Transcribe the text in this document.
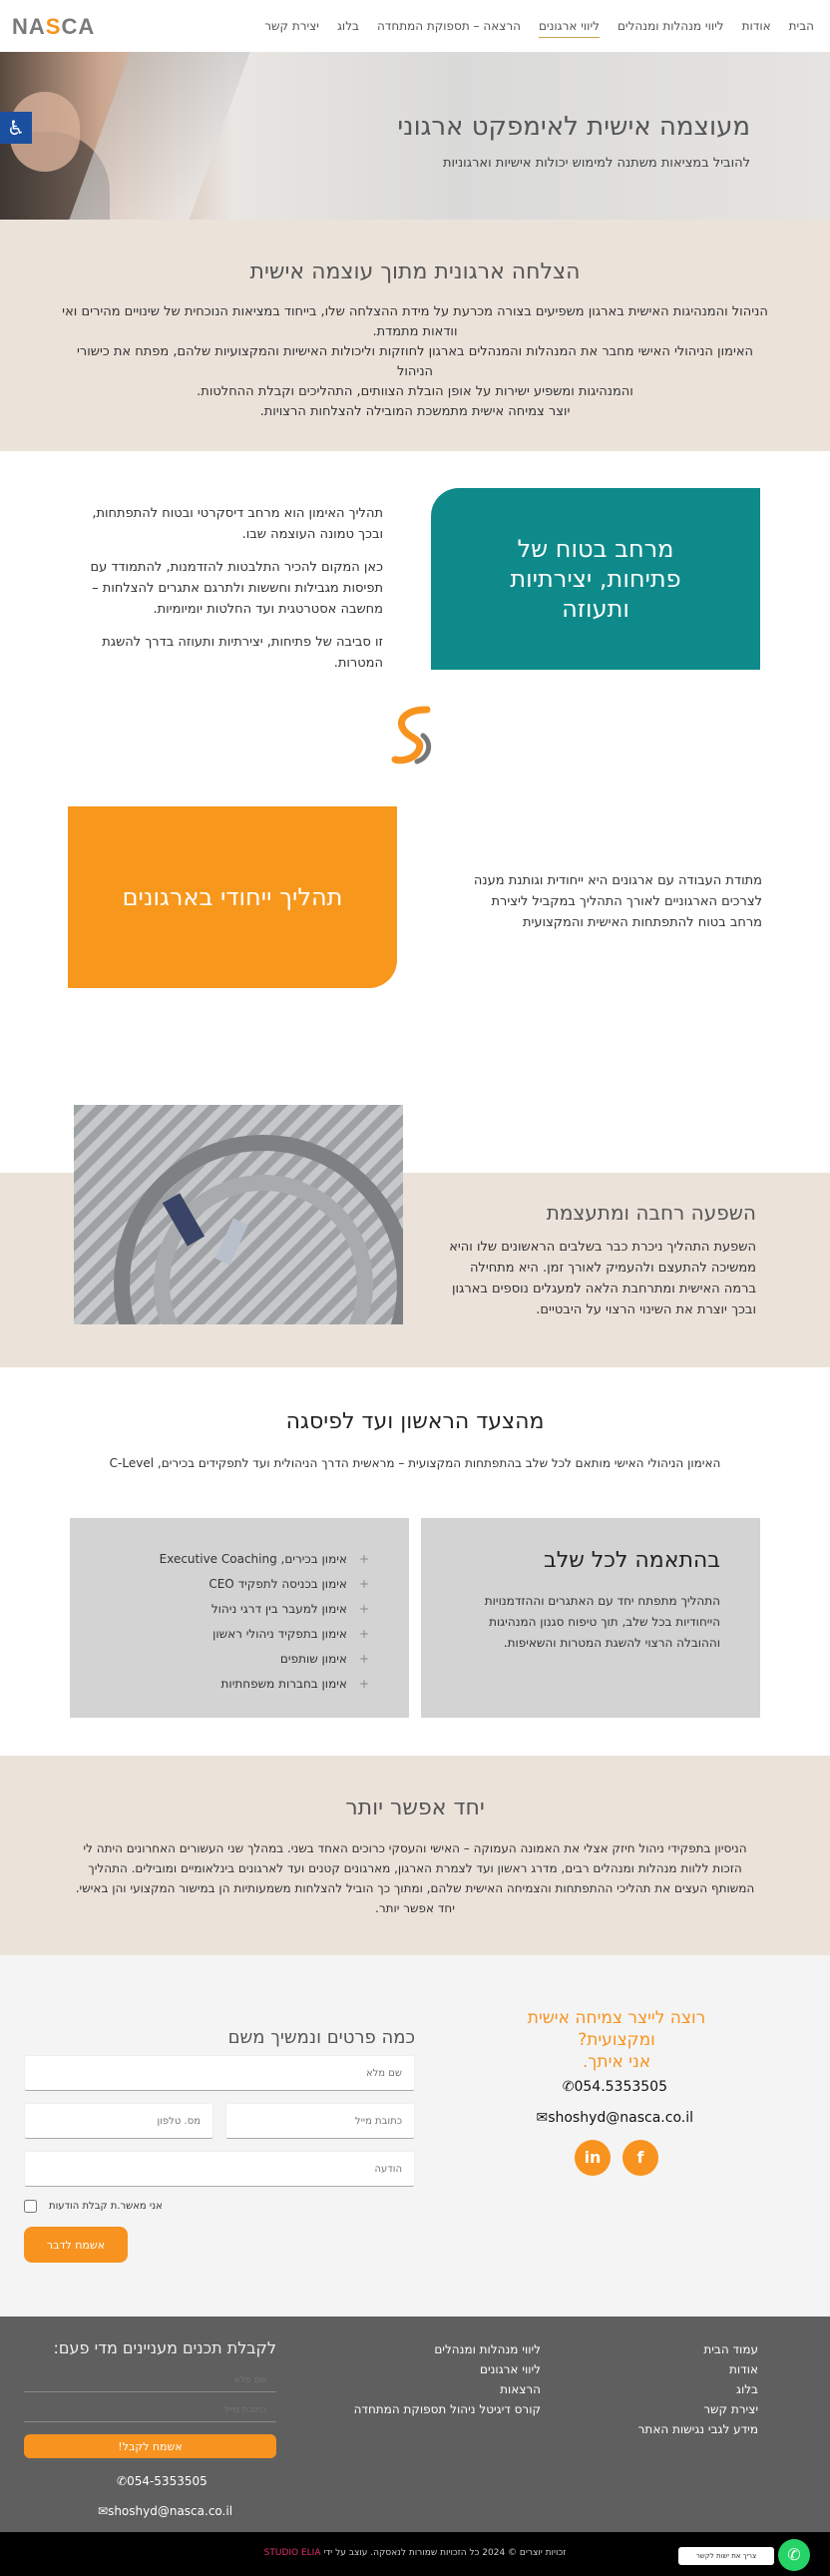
הבית
אודות
ליווי מנהלות ומנהלים
ליווי ארגונים
הרצאה – תספוקת המתחדה
בלוג
יצירת קשר
NASCA
♿	מעוצמה אישית לאימפקט ארגוני

להוביל במציאות משתנה למימוש יכולות אישיות וארגוניות

הצלחה ארגונית מתוך עוצמה אישית

הניהול והמנהיגות האישית בארגון משפיעים בצורה מכרעת על מידת ההצלחה שלו, בייחוד במציאות הנוכחית של שינויים מהירים ואי

וודאות מתמדת.

האימון הניהולי האישי מחבר את המנהלות והמנהלים בארגון לחוזקות וליכולות האישיות והמקצועיות שלהם, מפתח את כישורי הניהול

והמנהיגות ומשפיע ישירות על אופן הובלת הצוותים, התהליכים וקבלת ההחלטות.

יוצר צמיחה אישית מתמשכת המובילה להצלחות הרצויות.

מרחב בטוח של פתיחות, יצירתיות ותעוזה

תהליך האימון הוא מרחב דיסקרטי ובטוח להתפתחות, ובכך טמונה העוצמה שבו.

כאן המקום להכיר התלבטות להזדמנות, להתמודד עם תפיסות מגבילות וחששות ולתרגם אתגרים להצלחות – מחשבה אסטרטגית ועד החלטות יומיומיות.

זו סביבה של פתיחות, יצירתיות ותעוזה בדרך להשגת המטרות.

תהליך ייחודי בארגונים

מתודת העבודה עם ארגונים היא ייחודית וגותנת מענה לצרכים הארגוניים לאורך התהליך במקביל ליצירת מרחב בטוח להתפתחות האישית והמקצועית

השפעה רחבה ומתעצמת
השפעת התהליך ניכרת כבר בשלבים הראשונים שלו והיא ממשיכה להתעצם ולהעמיק לאורך זמן. היא מתחילה ברמה האישית ומתרחבת הלאה למעגלים נוספים בארגון ובכך יוצרת את השינוי הרצוי על היבטיים.
מהצעד הראשון ועד לפיסגה

האימון הניהולי האישי מותאם לכל שלב בהתפתחות המקצועית – מראשית הדרך הניהולית ועד לתפקידים בכירים, C-Level

בהתאמה לכל שלב

התהליך מתפתח יחד עם האתגרים וההזדמנויות הייחודיות בכל שלב, תוך טיפוח סגנון המנהיגות וההובלה הרצוי להשגת המטרות והשאיפות.

+ אימון בכירים, Executive Coaching
+ אימון בכניסה לתפקיד CEO
+ אימון למעבר בין דרגי ניהול
+ אימון בתפקיד ניהולי ראשון
+ אימון שותפים
+ אימון בחברות משפחתיות
יחד אפשר יותר

הניסיון בתפקידי ניהול חיזק אצלי את האמונה העמוקה – האישי והעסקי כרוכים האחד בשני. במהלך שני העשורים האחרונים היתה לי הזכות ללוות מנהלות ומנהלים רבים, מדרג ראשון ועד לצמרת הארגון, מארגונים קטנים ועד לארגונים בינלאומיים ומובילים. התהליך המשותף העצים את תהליכי ההתפתחות והצמיחה האישית שלהם, ומתוך כך הוביל להצלחות משמעותיות הן במישור המקצועי והן באישי. יחד אפשר יותר.

רוצה לייצר צמיחה אישית ומקצועית?
אני איתך.
✆054.5353505
✉shoshyd@nasca.co.il
f
in
כמה פרטים ונמשיך משם
שם מלא
כתובת מייל
מס. טלפון
הודעה
אני מאשר.ת קבלת הודעות
אשמח לדבר
עמוד הבית
אודות
בלוג
יצירת קשר
מידע לגבי נגישות האתר
ליווי מנהלות ומנהלים
ליווי ארגונים
הרצאות
קורס דיגיטל ניהול תספוקת המתחדה
לקבלת תכנים מעניינים מדי פעם:
שם מלא
כתובת מייל
אשמח לקבל!
✆054-5353505
✉shoshyd@nasca.co.il
זכויות יוצרים © 2024 כל הזכויות שמורות לנאסקה. עוצב על ידי STUDIO ELIA	צריך את ישות לקשר	✆
